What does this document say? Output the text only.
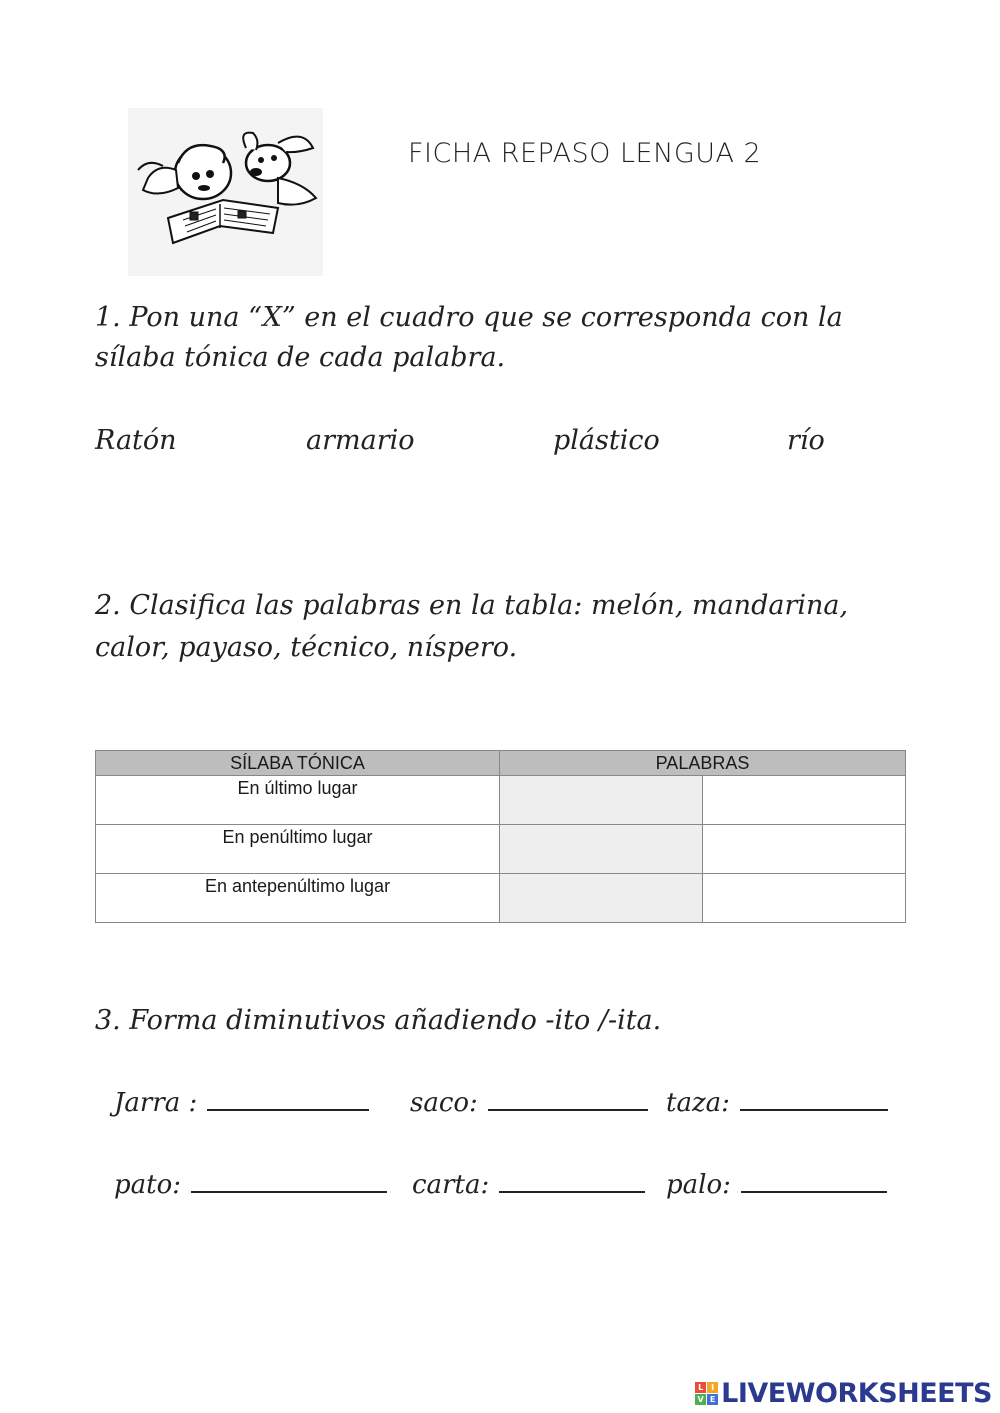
FICHA REPASO LENGUA 2
1. Pon una “X” en el cuadro que se corresponda con la
sílaba tónica de cada palabra.
Ratón	armario	plástico	río
2. Clasifica las palabras en la tabla: melón, mandarina,
calor, payaso, técnico, níspero.
SÍLABA TÓNICA	PALABRAS	
En último lugar		
En penúltimo lugar		
En antepenúltimo lugar		
3. Forma diminutivos añadiendo -ito /-ita.
Jarra :	saco:	taza:
pato:	carta:	palo:
L I
V E LIVEWORKSHEETS
